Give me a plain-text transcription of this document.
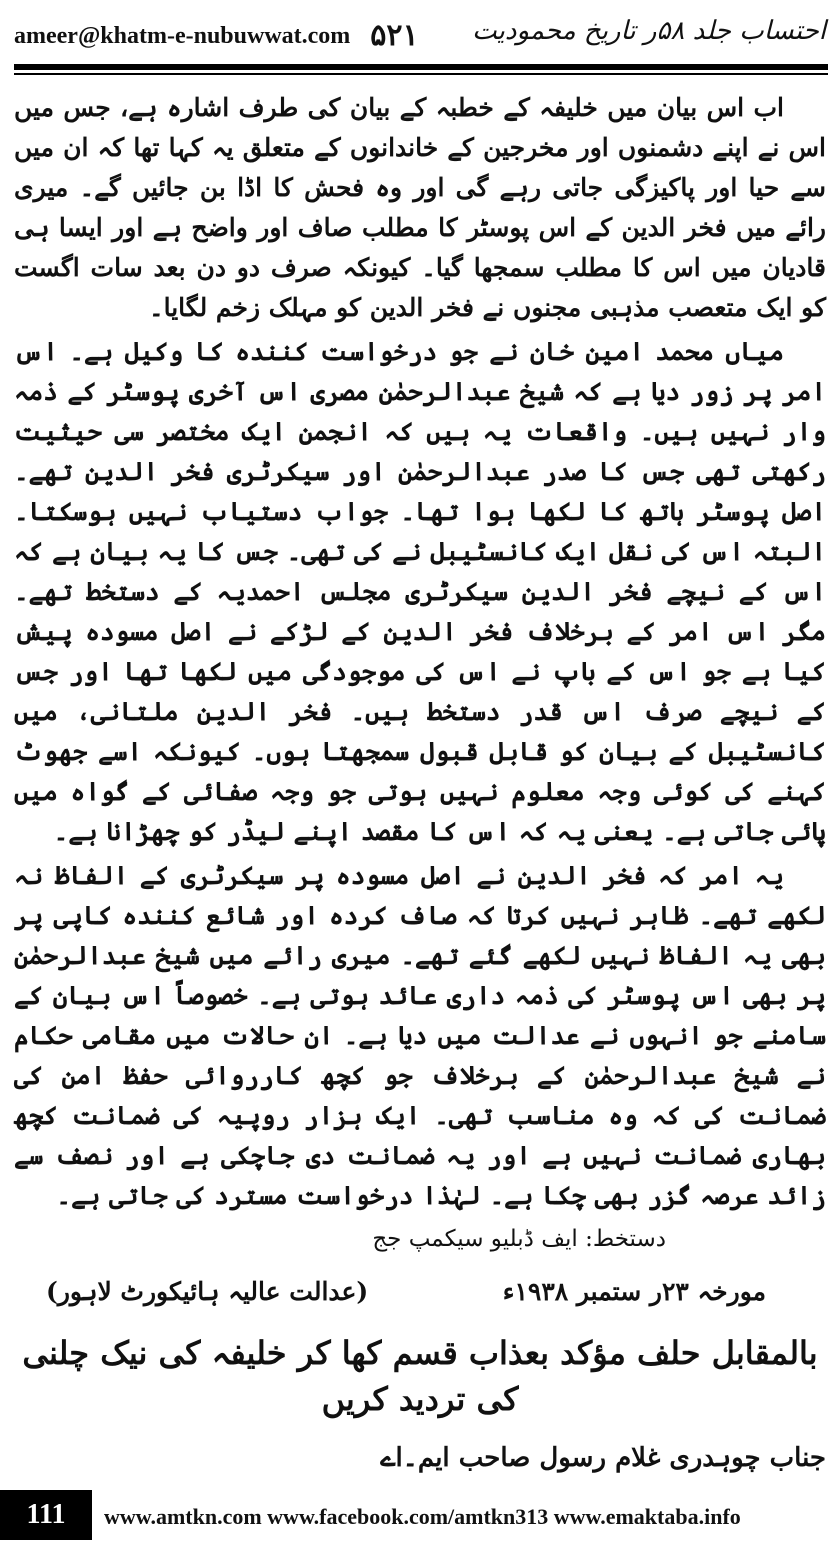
ameer@khatm-e-nubuwwat.com ۵۲۱ احتساب جلد ۵۸ر تاریخ محمودیت

اب اس بیان میں خلیفہ کے خطبہ کے بیان کی طرف اشارہ ہے، جس میں اس نے اپنے دشمنوں اور مخرجین کے خاندانوں کے متعلق یہ کہا تھا کہ ان میں سے حیا اور پاکیزگی جاتی رہے گی اور وہ فحش کا اڈا بن جائیں گے۔ میری رائے میں فخر الدین کے اس پوسٹر کا مطلب صاف اور واضح ہے اور ایسا ہی قادیان میں اس کا مطلب سمجھا گیا۔ کیونکہ صرف دو دن بعد سات اگست کو ایک متعصب مذہبی مجنوں نے فخر الدین کو مہلک زخم لگایا۔

میاں محمد امین خان نے جو درخواست کنندہ کا وکیل ہے۔ اس امر پر زور دیا ہے کہ شیخ عبدالرحمٰن مصری اس آخری پوسٹر کے ذمہ وار نہیں ہیں۔ واقعات یہ ہیں کہ انجمن ایک مختصر سی حیثیت رکھتی تھی جس کا صدر عبدالرحمٰن اور سیکرٹری فخر الدین تھے۔ اصل پوسٹر ہاتھ کا لکھا ہوا تھا۔ جواب دستیاب نہیں ہوسکتا۔ البتہ اس کی نقل ایک کانسٹیبل نے کی تھی۔ جس کا یہ بیان ہے کہ اس کے نیچے فخر الدین سیکرٹری مجلس احمدیہ کے دستخط تھے۔ مگر اس امر کے برخلاف فخر الدین کے لڑکے نے اصل مسودہ پیش کیا ہے جو اس کے باپ نے اس کی موجودگی میں لکھا تھا اور جس کے نیچے صرف اس قدر دستخط ہیں۔ فخر الدین ملتانی، میں کانسٹیبل کے بیان کو قابل قبول سمجھتا ہوں۔ کیونکہ اسے جھوٹ کہنے کی کوئی وجہ معلوم نہیں ہوتی جو وجہ صفائی کے گواہ میں پائی جاتی ہے۔ یعنی یہ کہ اس کا مقصد اپنے لیڈر کو چھڑانا ہے۔

یہ امر کہ فخر الدین نے اصل مسودہ پر سیکرٹری کے الفاظ نہ لکھے تھے۔ ظاہر نہیں کرتا کہ صاف کردہ اور شائع کنندہ کاپی پر بھی یہ الفاظ نہیں لکھے گئے تھے۔ میری رائے میں شیخ عبدالرحمٰن پر بھی اس پوسٹر کی ذمہ داری عائد ہوتی ہے۔ خصوصاً اس بیان کے سامنے جو انہوں نے عدالت میں دیا ہے۔ ان حالات میں مقامی حکام نے شیخ عبدالرحمٰن کے برخلاف جو کچھ کارروائی حفظ امن کی ضمانت کی کہ وہ مناسب تھی۔ ایک ہزار روپیہ کی ضمانت کچھ بھاری ضمانت نہیں ہے اور یہ ضمانت دی جاچکی ہے اور نصف سے زائد عرصہ گزر بھی چکا ہے۔ لہٰذا درخواست مسترد کی جاتی ہے۔

دستخط: ایف ڈبلیو سیکمپ جج
مورخہ ۲۳ر ستمبر ۱۹۳۸ء
(عدالت عالیہ ہائیکورٹ لاہور)
بالمقابل حلف مؤکد بعذاب قسم کھا کر خلیفہ کی نیک چلنی کی تردید کریں
جناب چوہدری غلام رسول صاحب ایم۔اے
111	www.amtkn.com www.facebook.com/amtkn313 www.emaktaba.info
